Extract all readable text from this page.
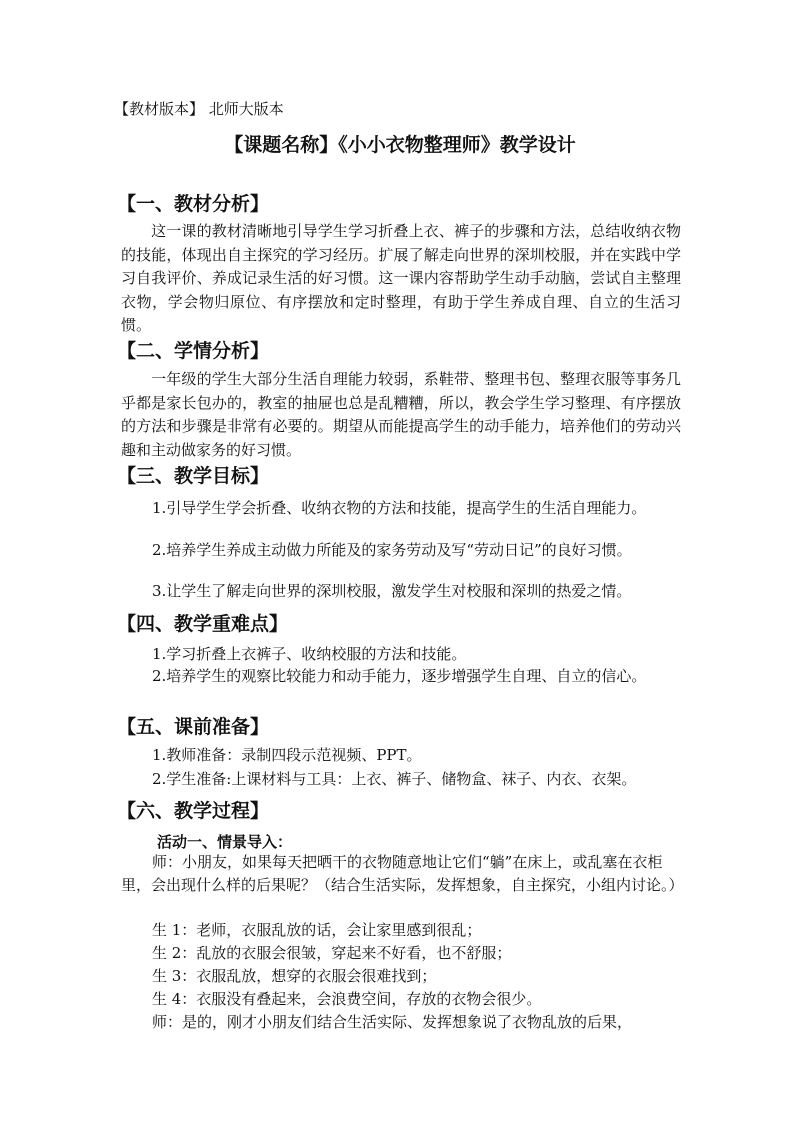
【教材版本】 北师大版本
【课题名称】《小小衣物整理师》教学设计
【一、教材分析】
这一课的教材清晰地引导学生学习折叠上衣、裤子的步骤和方法，总结收纳衣物的技能，体现出自主探究的学习经历。扩展了解走向世界的深圳校服，并在实践中学习自我评价、养成记录生活的好习惯。这一课内容帮助学生动手动脑，尝试自主整理衣物，学会物归原位、有序摆放和定时整理，有助于学生养成自理、自立的生活习惯。
【二、学情分析】
一年级的学生大部分生活自理能力较弱，系鞋带、整理书包、整理衣服等事务几乎都是家长包办的，教室的抽屉也总是乱糟糟，所以，教会学生学习整理、有序摆放的方法和步骤是非常有必要的。期望从而能提高学生的动手能力，培养他们的劳动兴趣和主动做家务的好习惯。
【三、教学目标】
1.引导学生学会折叠、收纳衣物的方法和技能，提高学生的生活自理能力。
2.培养学生养成主动做力所能及的家务劳动及写“劳动日记”的良好习惯。
3.让学生了解走向世界的深圳校服，激发学生对校服和深圳的热爱之情。
【四、教学重难点】
1.学习折叠上衣裤子、收纳校服的方法和技能。
2.培养学生的观察比较能力和动手能力，逐步增强学生自理、自立的信心。
【五、课前准备】
1.教师准备：录制四段示范视频、PPT。
2.学生准备:上课材料与工具：上衣、裤子、储物盒、袜子、内衣、衣架。
【六、教学过程】
活动一、情景导入：
师：小朋友，如果每天把晒干的衣物随意地让它们“躺”在床上，或乱塞在衣柜里，会出现什么样的后果呢？（结合生活实际，发挥想象，自主探究，小组内讨论。）
生 1：老师，衣服乱放的话，会让家里感到很乱；
生 2：乱放的衣服会很皱，穿起来不好看，也不舒服；
生 3：衣服乱放，想穿的衣服会很难找到；
生 4：衣服没有叠起来，会浪费空间，存放的衣物会很少。
师：是的，刚才小朋友们结合生活实际、发挥想象说了衣物乱放的后果，
